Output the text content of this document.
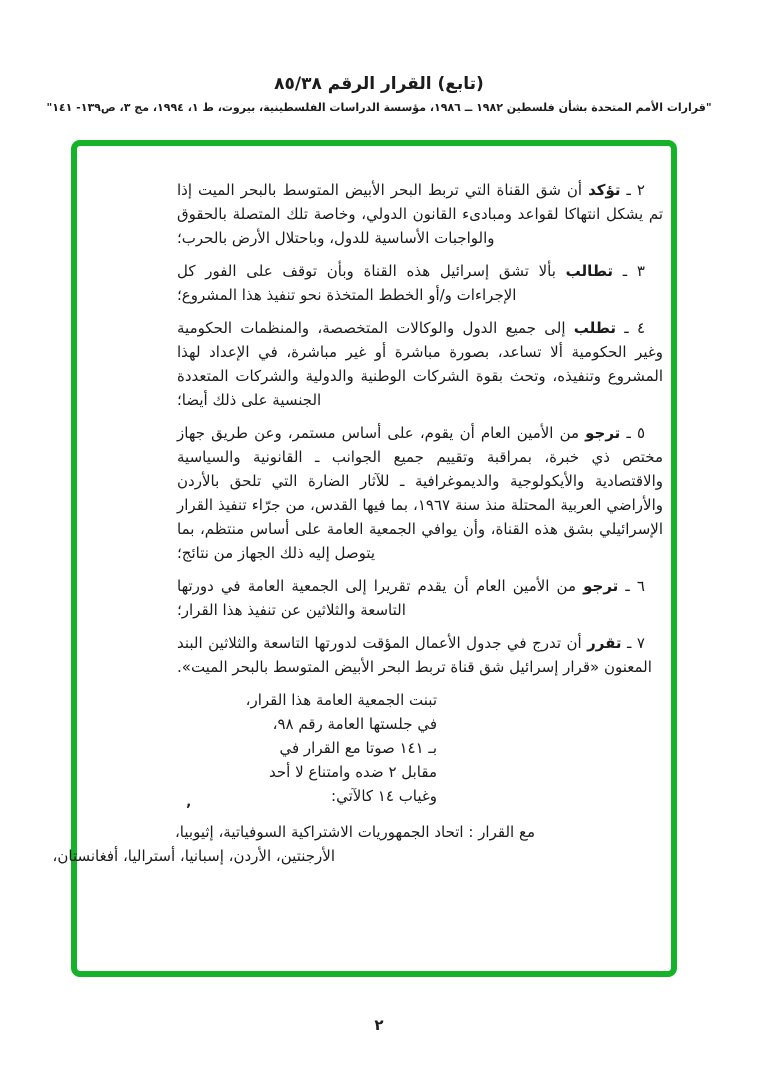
(تابع) القرار الرقم ٨٥/٣٨
"قرارات الأمم المتحدة بشأن فلسطين ١٩٨٢ ــ ١٩٨٦، مؤسسة الدراسات الفلسطينية، بيروت، ط ١، ١٩٩٤، مج ٣، ص١٣٩- ١٤١"

٢ ـ تؤكد أن شق القناة التي تربط البحر الأبيض المتوسط بالبحر الميت إذا تم يشكل انتهاكا لقواعد ومبادىء القانون الدولي، وخاصة تلك المتصلة بالحقوق والواجبات الأساسية للدول، وباحتلال الأرض بالحرب؛

٣ ـ تطالب بألا تشق إسرائيل هذه القناة وبأن توقف على الفور كل الإجراءات و/أو الخطط المتخذة نحو تنفيذ هذا المشروع؛

٤ ـ تطلب إلى جميع الدول والوكالات المتخصصة، والمنظمات الحكومية وغير الحكومية ألا تساعد، بصورة مباشرة أو غير مباشرة، في الإعداد لهذا المشروع وتنفيذه، وتحث بقوة الشركات الوطنية والدولية والشركات المتعددة الجنسية على ذلك أيضا؛

٥ ـ ترجو من الأمين العام أن يقوم، على أساس مستمر، وعن طريق جهاز مختص ذي خبرة، بمراقبة وتقييم جميع الجوانب ـ القانونية والسياسية والاقتصادية والأيكولوجية والديموغرافية ـ للآثار الضارة التي تلحق بالأردن والأراضي العربية المحتلة منذ سنة ١٩٦٧، بما فيها القدس، من جرّاء تنفيذ القرار الإسرائيلي بشق هذه القناة، وأن يوافي الجمعية العامة على أساس منتظم، بما يتوصل إليه ذلك الجهاز من نتائج؛

٦ ـ ترجو من الأمين العام أن يقدم تقريرا إلى الجمعية العامة في دورتها التاسعة والثلاثين عن تنفيذ هذا القرار؛

٧ ـ تقرر أن تدرج في جدول الأعمال المؤقت لدورتها التاسعة والثلاثين البند المعنون «قرار إسرائيل شق قناة تربط البحر الأبيض المتوسط بالبحر الميت».

تبنت الجمعية العامة هذا القرار،
في جلستها العامة رقم ٩٨،
بـ ١٤١ صوتا مع القرار في
مقابل ٢ ضده وامتناع لا أحد
وغياب ١٤ كالآتي:
مع القرار : اتحاد الجمهوريات الاشتراكية السوفياتية، إثيوبيا،
الأرجنتين، الأردن، إسبانيا، أستراليا، أفغانستان،
٬
٢
